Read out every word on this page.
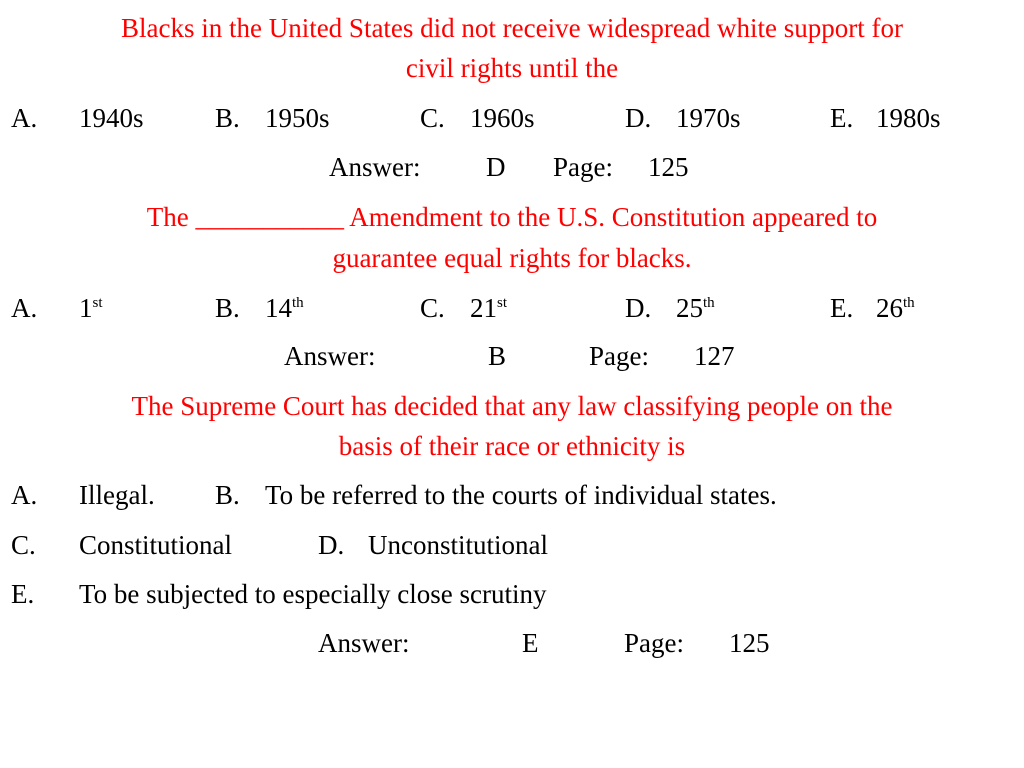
Blacks in the United States did not receive widespread white support for
civil rights until the
A. 1940s	B. 1950s	C. 1960s	D. 1970s	E. 1980s
Answer: D Page: 125
The ___________ Amendment to the U.S. Constitution appeared to
guarantee equal rights for blacks.
A. 1st	B. 14th	C. 21st	D. 25th	E. 26th
Answer:	B	Page: 127
The Supreme Court has decided that any law classifying people on the
basis of their race or ethnicity is
A. Illegal. B. To be referred to the courts of individual states.
C. Constitutional	D. Unconstitutional
E. To be subjected to especially close scrutiny
Answer:	E	Page: 125
